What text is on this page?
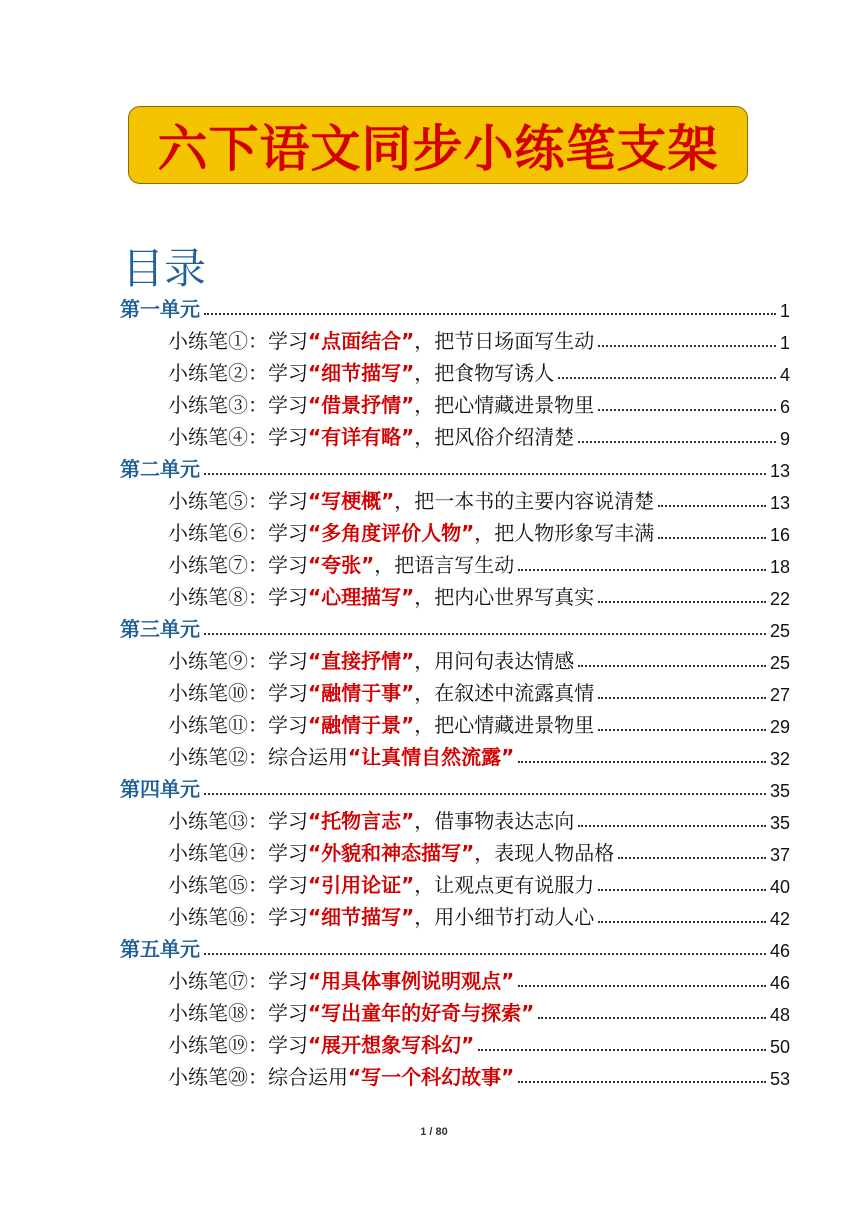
六下语文同步小练笔支架
目录
第一单元	1
小练笔①：学习“点面结合”，把节日场面写生动	1
小练笔②：学习“细节描写”，把食物写诱人	4
小练笔③：学习“借景抒情”，把心情藏进景物里	6
小练笔④：学习“有详有略”，把风俗介绍清楚	9
第二单元	13
小练笔⑤：学习“写梗概”，把一本书的主要内容说清楚	13
小练笔⑥：学习“多角度评价人物”，把人物形象写丰满	16
小练笔⑦：学习“夸张”，把语言写生动	18
小练笔⑧：学习“心理描写”，把内心世界写真实	22
第三单元	25
小练笔⑨：学习“直接抒情”，用问句表达情感	25
小练笔⑩：学习“融情于事”，在叙述中流露真情	27
小练笔⑪：学习“融情于景”，把心情藏进景物里	29
小练笔⑫：综合运用“让真情自然流露”	32
第四单元	35
小练笔⑬：学习“托物言志”，借事物表达志向	35
小练笔⑭：学习“外貌和神态描写”，表现人物品格	37
小练笔⑮：学习“引用论证”，让观点更有说服力	40
小练笔⑯：学习“细节描写”，用小细节打动人心	42
第五单元	46
小练笔⑰：学习“用具体事例说明观点”	46
小练笔⑱：学习“写出童年的好奇与探索”	48
小练笔⑲：学习“展开想象写科幻”	50
小练笔⑳：综合运用“写一个科幻故事”	53
1 / 80
